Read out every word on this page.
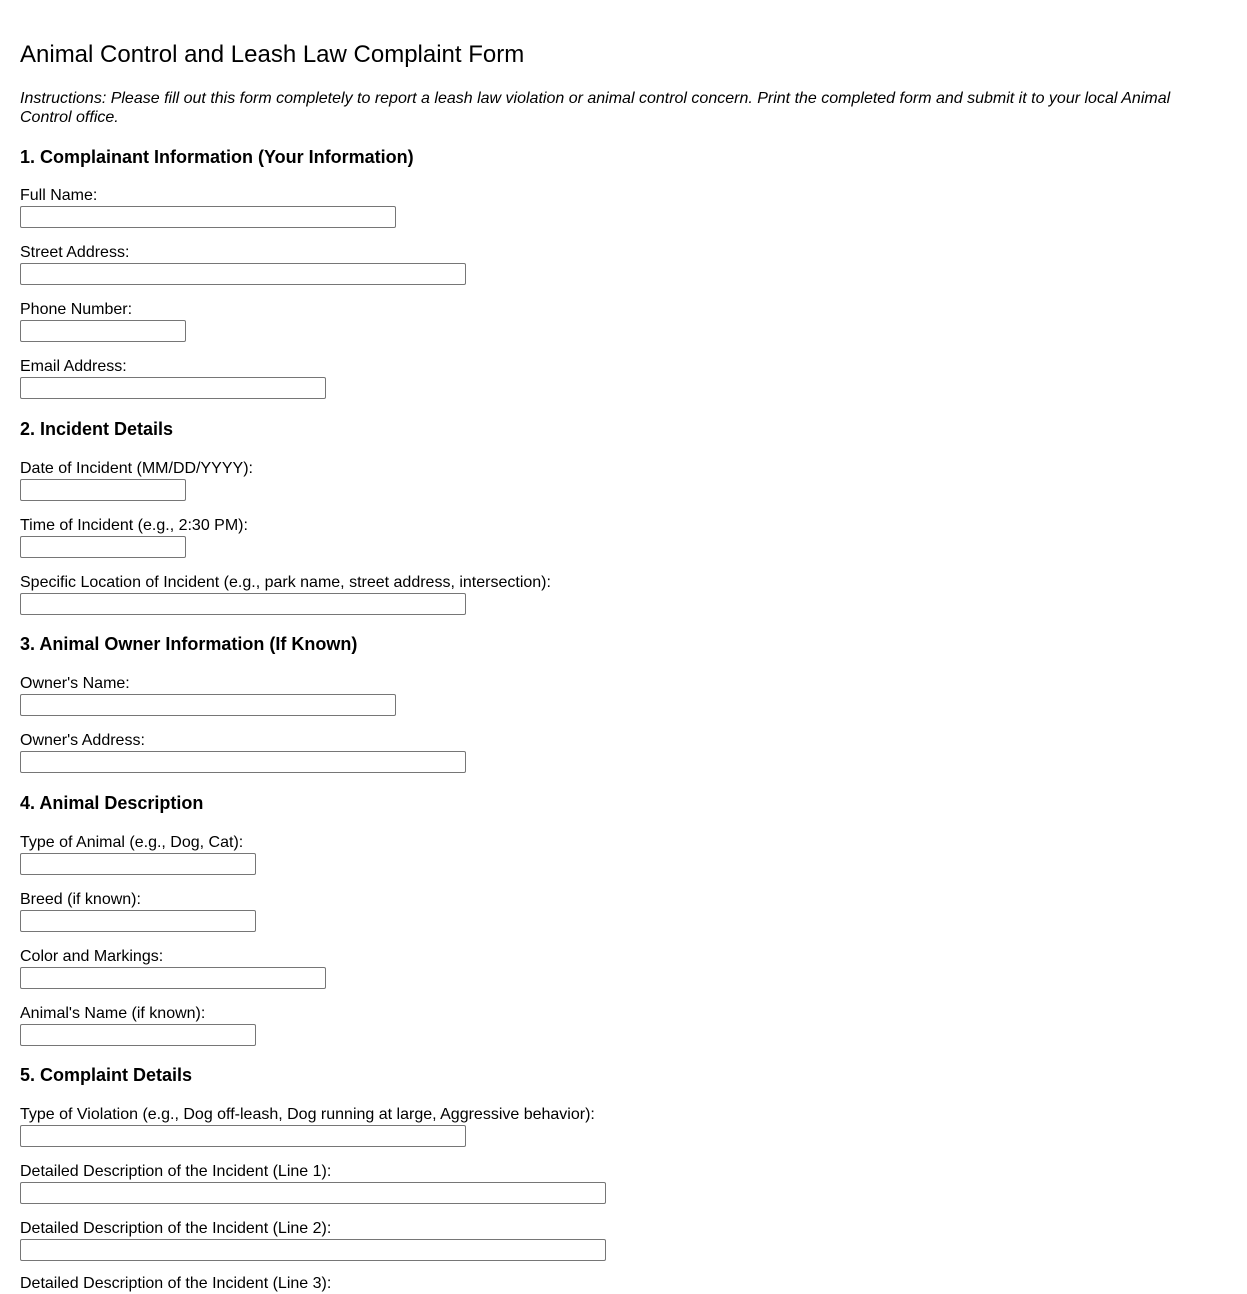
Animal Control and Leash Law Complaint Form

Instructions: Please fill out this form completely to report a leash law violation or animal control concern. Print the completed form and submit it to your local Animal Control office.

1. Complainant Information (Your Information)
Full Name:
Street Address:
Phone Number:
Email Address:
2. Incident Details
Date of Incident (MM/DD/YYYY):
Time of Incident (e.g., 2:30 PM):
Specific Location of Incident (e.g., park name, street address, intersection):
3. Animal Owner Information (If Known)
Owner's Name:
Owner's Address:
4. Animal Description
Type of Animal (e.g., Dog, Cat):
Breed (if known):
Color and Markings:
Animal's Name (if known):
5. Complaint Details
Type of Violation (e.g., Dog off-leash, Dog running at large, Aggressive behavior):
Detailed Description of the Incident (Line 1):
Detailed Description of the Incident (Line 2):
Detailed Description of the Incident (Line 3):
